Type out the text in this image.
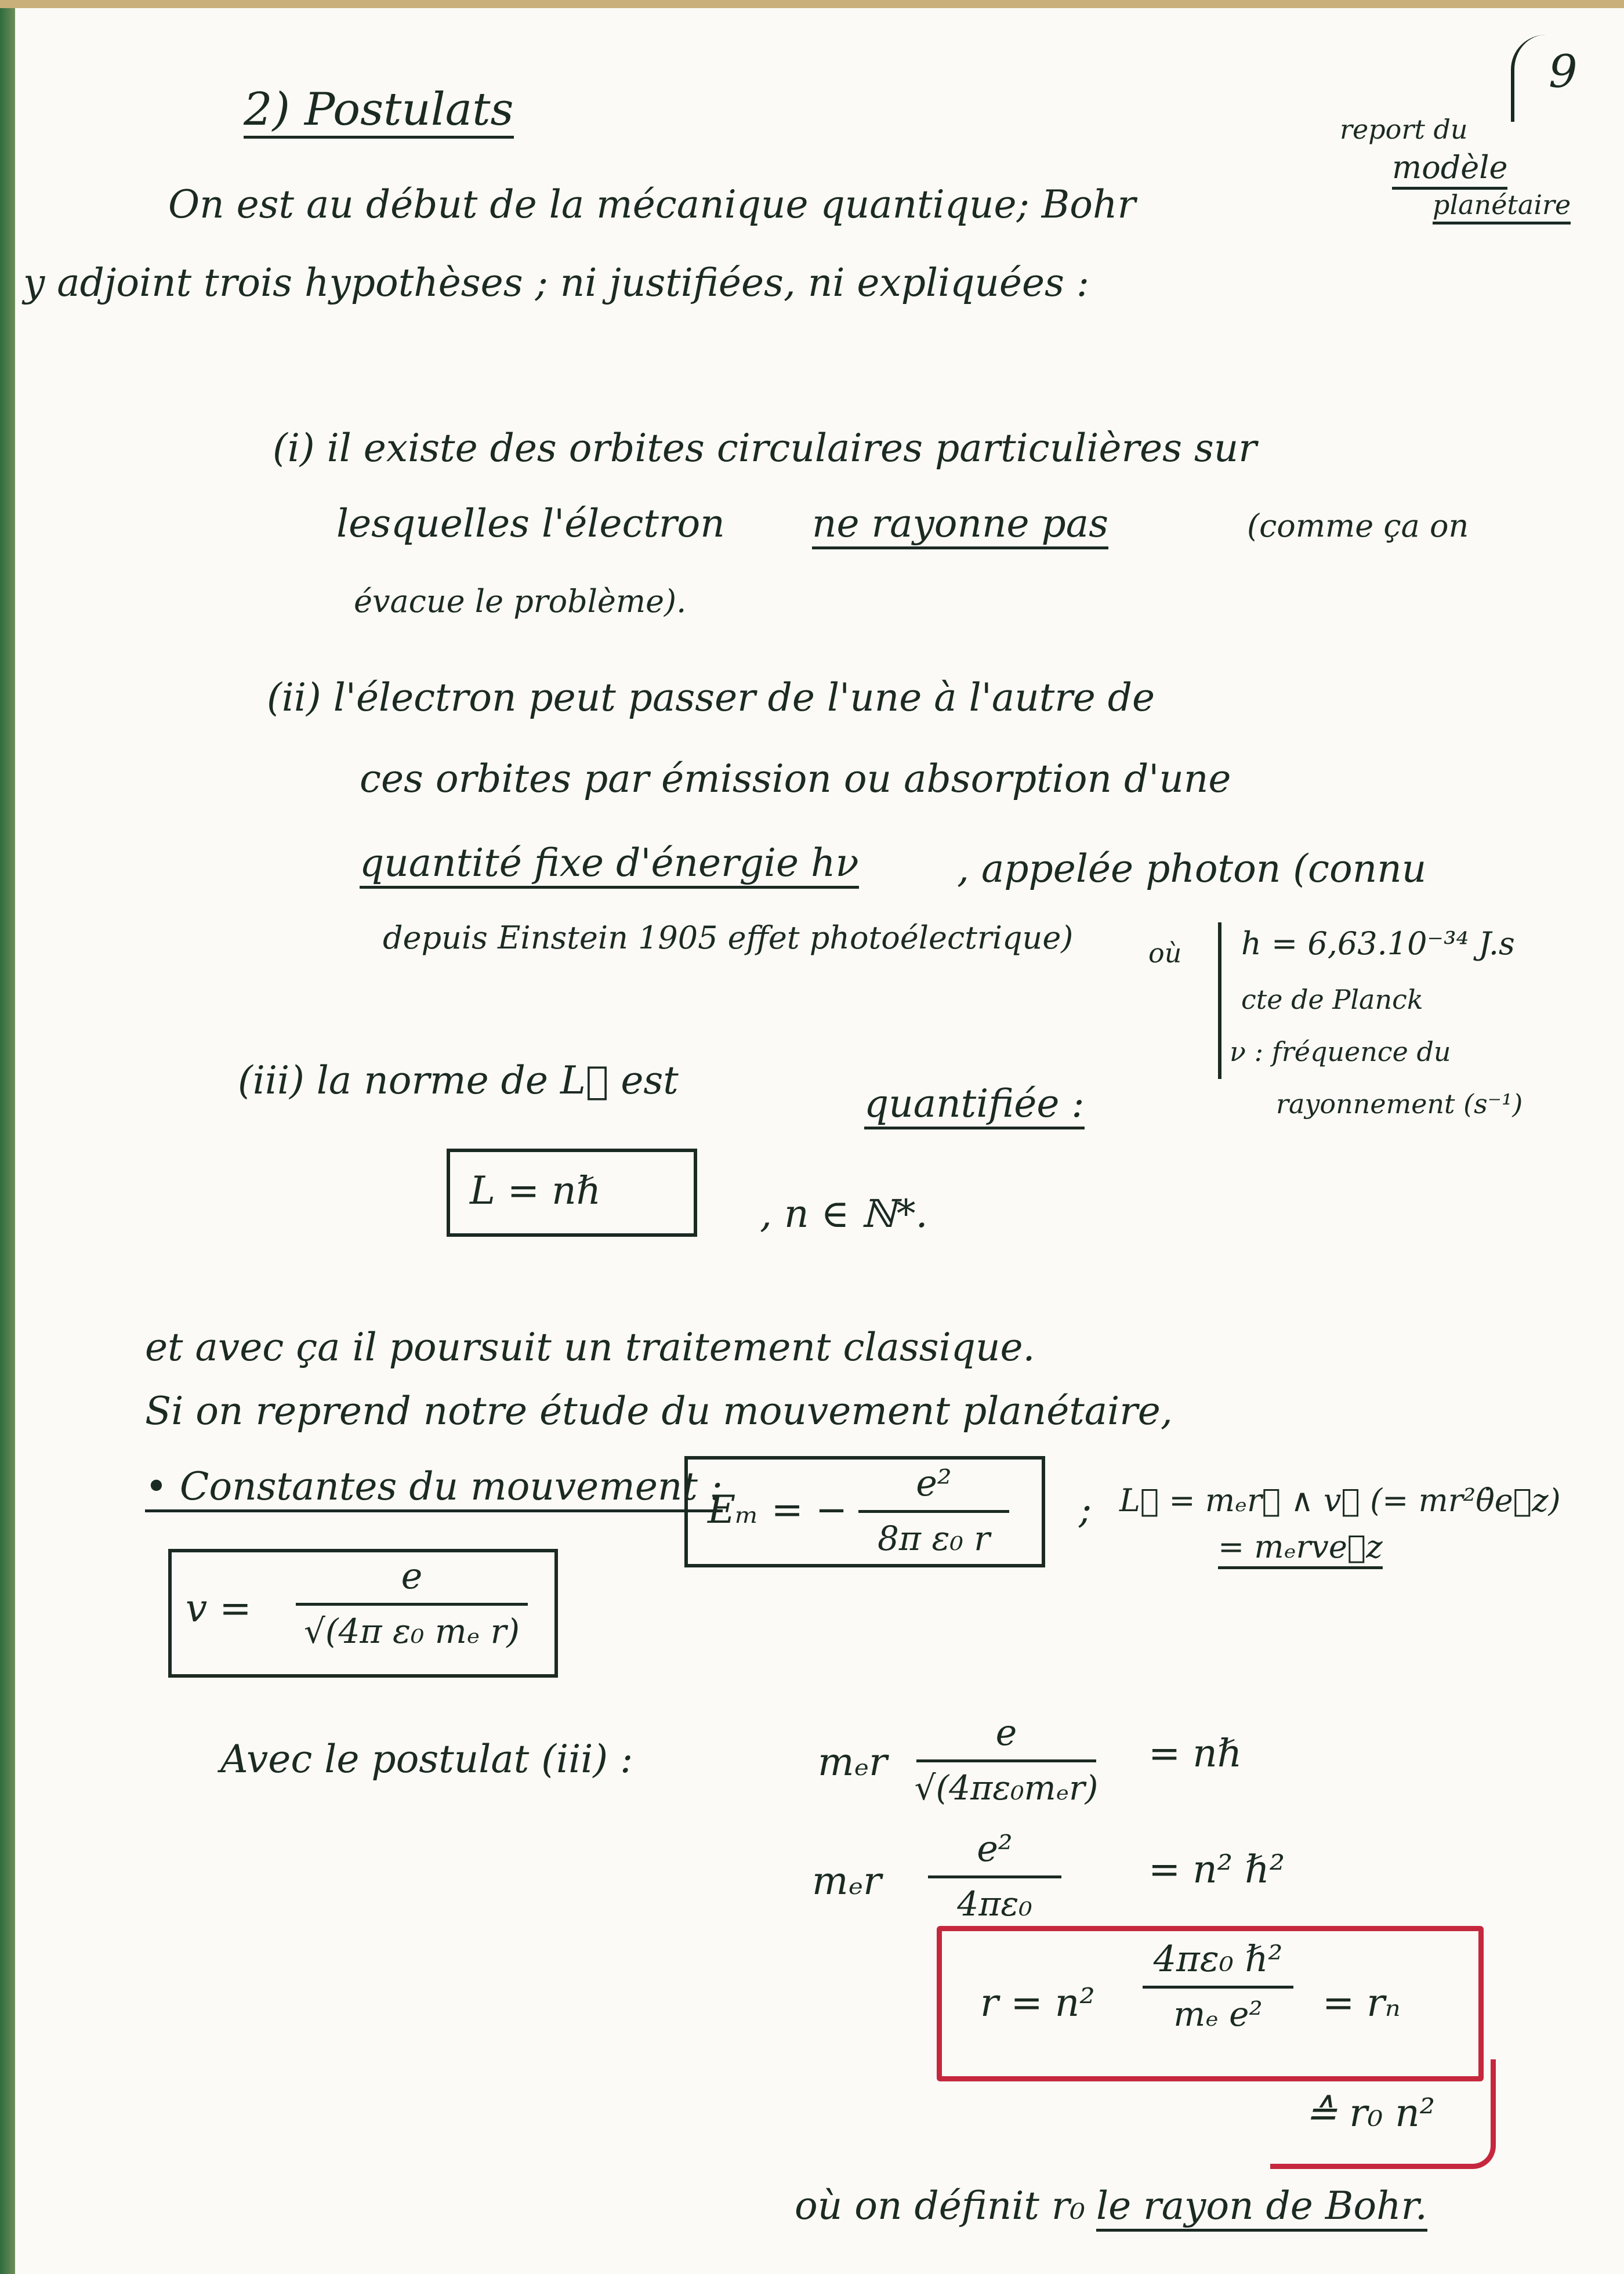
9
2) Postulats	report du
modèle
planétaire
On est au début de la mécanique quantique; Bohr
y adjoint trois hypothèses ; ni justifiées, ni expliquées :
(i) il existe des orbites circulaires particulières sur
lesquelles l'électron ne rayonne pas	(comme ça on
évacue le problème).
(ii) l'électron peut passer de l'une à l'autre de
ces orbites par émission ou absorption d'une
quantité fixe d'énergie hν	, appelée photon (connu
depuis Einstein 1905 effet photoélectrique)	où h = 6,63.10⁻³⁴ J.s
cte de Planck
ν : fréquence du
rayonnement (s⁻¹)
(iii) la norme de L⃗ est
quantifiée :
L = nℏ
, n ∈ ℕ*.
et avec ça il poursuit un traitement classique.
Si on reprend notre étude du mouvement planétaire,
• Constantes du mouvement :
Eₘ = −
e²
8π ε₀ r
; L⃗ = mₑr⃗ ∧ v⃗ (= mr²θ̇e⃗z)
= mₑrve⃗z
v =
e
√(4π ε₀ mₑ r)
Avec le postulat (iii) :	mₑr
e
√(4πε₀mₑr)
= nℏ
mₑr
e²
4πε₀
= n² ℏ²
r = n²
4πε₀ ℏ²
mₑ e² = rₙ
≙ r₀ n²
où on définit r₀ le rayon de Bohr.
